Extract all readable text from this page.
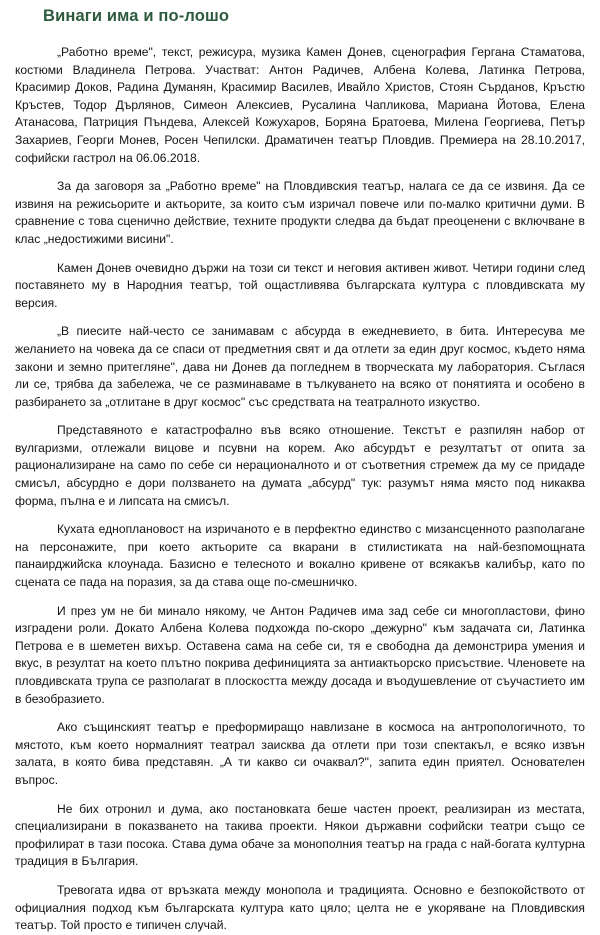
Винаги има и по-лошо

„Работно време", текст, режисура, музика Камен Донев, сценография Гергана Стаматова, костюми Владинела Петрова. Участват: Антон Радичев, Албена Колева, Латинка Петрова, Красимир Доков, Радина Думанян, Красимир Василев, Ивайло Христов, Стоян Сърданов, Кръстю Кръстев, Тодор Дърлянов, Симеон Алексиев, Русалина Чапликова, Мариана Йотова, Елена Атанасова, Патриция Пъндева, Алексей Кожухаров, Боряна Братоева, Милена Георгиева, Петър Захариев, Георги Монев, Росен Чепилски. Драматичен театър Пловдив. Премиера на 28.10.2017, софийски гастрол на 06.06.2018.

За да заговоря за „Работно време" на Пловдивския театър, налага се да се извиня. Да се извиня на режисьорите и актьорите, за които съм изричал повече или по-малко критични думи. В сравнение с това сценично действие, техните продукти следва да бъдат преоценени с включване в клас „недостижими висини".

Камен Донев очевидно държи на този си текст и неговия активен живот. Четири години след поставянето му в Народния театър, той ощастливява българската култура с пловдивската му версия.

„В пиесите най-често се занимавам с абсурда в ежедневието, в бита. Интересува ме желанието на човека да се спаси от предметния свят и да отлети за един друг космос, където няма закони и земно притегляне", дава ни Донев да погледнем в творческата му лаборатория. Съглася ли се, трябва да забележа, че се разминаваме в тълкуването на всяко от понятията и особено в разбирането за „отлитане в друг космос" със средствата на театралното изкуство.

Представяното е катастрофално във всяко отношение. Текстът е разпилян набор от вулгаризми, отлежали вицове и псувни на корем. Ако абсурдът е резултатът от опита за рационализиране на само по себе си нерационалното и от съответния стремеж да му се придаде смисъл, абсурдно е дори ползването на думата „абсурд" тук: разумът няма място под никаква форма, пълна е и липсата на смисъл.

Кухата едноплановост на изричаното е в перфектно единство с мизансценното разполагане на персонажите, при което актьорите са вкарани в стилистиката на най-безпомощната панаирджийска клоунада. Базисно е телесното и вокално кривене от всякакъв калибър, като по сцената се пада на поразия, за да става още по-смешничко.

И през ум не би минало някому, че Антон Радичев има зад себе си многопластови, фино изградени роли. Докато Албена Колева подхожда по-скоро „дежурно" към задачата си, Латинка Петрова е в шеметен вихър. Оставена сама на себе си, тя е свободна да демонстрира умения и вкус, в резултат на което плътно покрива дефиницията за антиактьорско присъствие. Членовете на пловдивската трупа се разполагат в плоскостта между досада и въодушевление от съучастието им в безобразието.

Ако същинският театър е преформиращо навлизане в космоса на антропологичното, то мястото, към което нормалният театрал заисква да отлети при този спектакъл, е всяко извън залата, в която бива представян. „А ти какво си очаквал?", запита един приятел. Основателен въпрос.

Не бих отронил и дума, ако постановката беше частен проект, реализиран из местата, специализирани в показването на такива проекти. Някои държавни софийски театри също се профилират в тази посока. Става дума обаче за монополния театър на града с най-богата културна традиция в България.

Тревогата идва от връзката между монопола и традицията. Основно е безпокойството от официалния подход към българската култура като цяло; целта не е укоряване на Пловдивския театър. Той просто е типичен случай.
